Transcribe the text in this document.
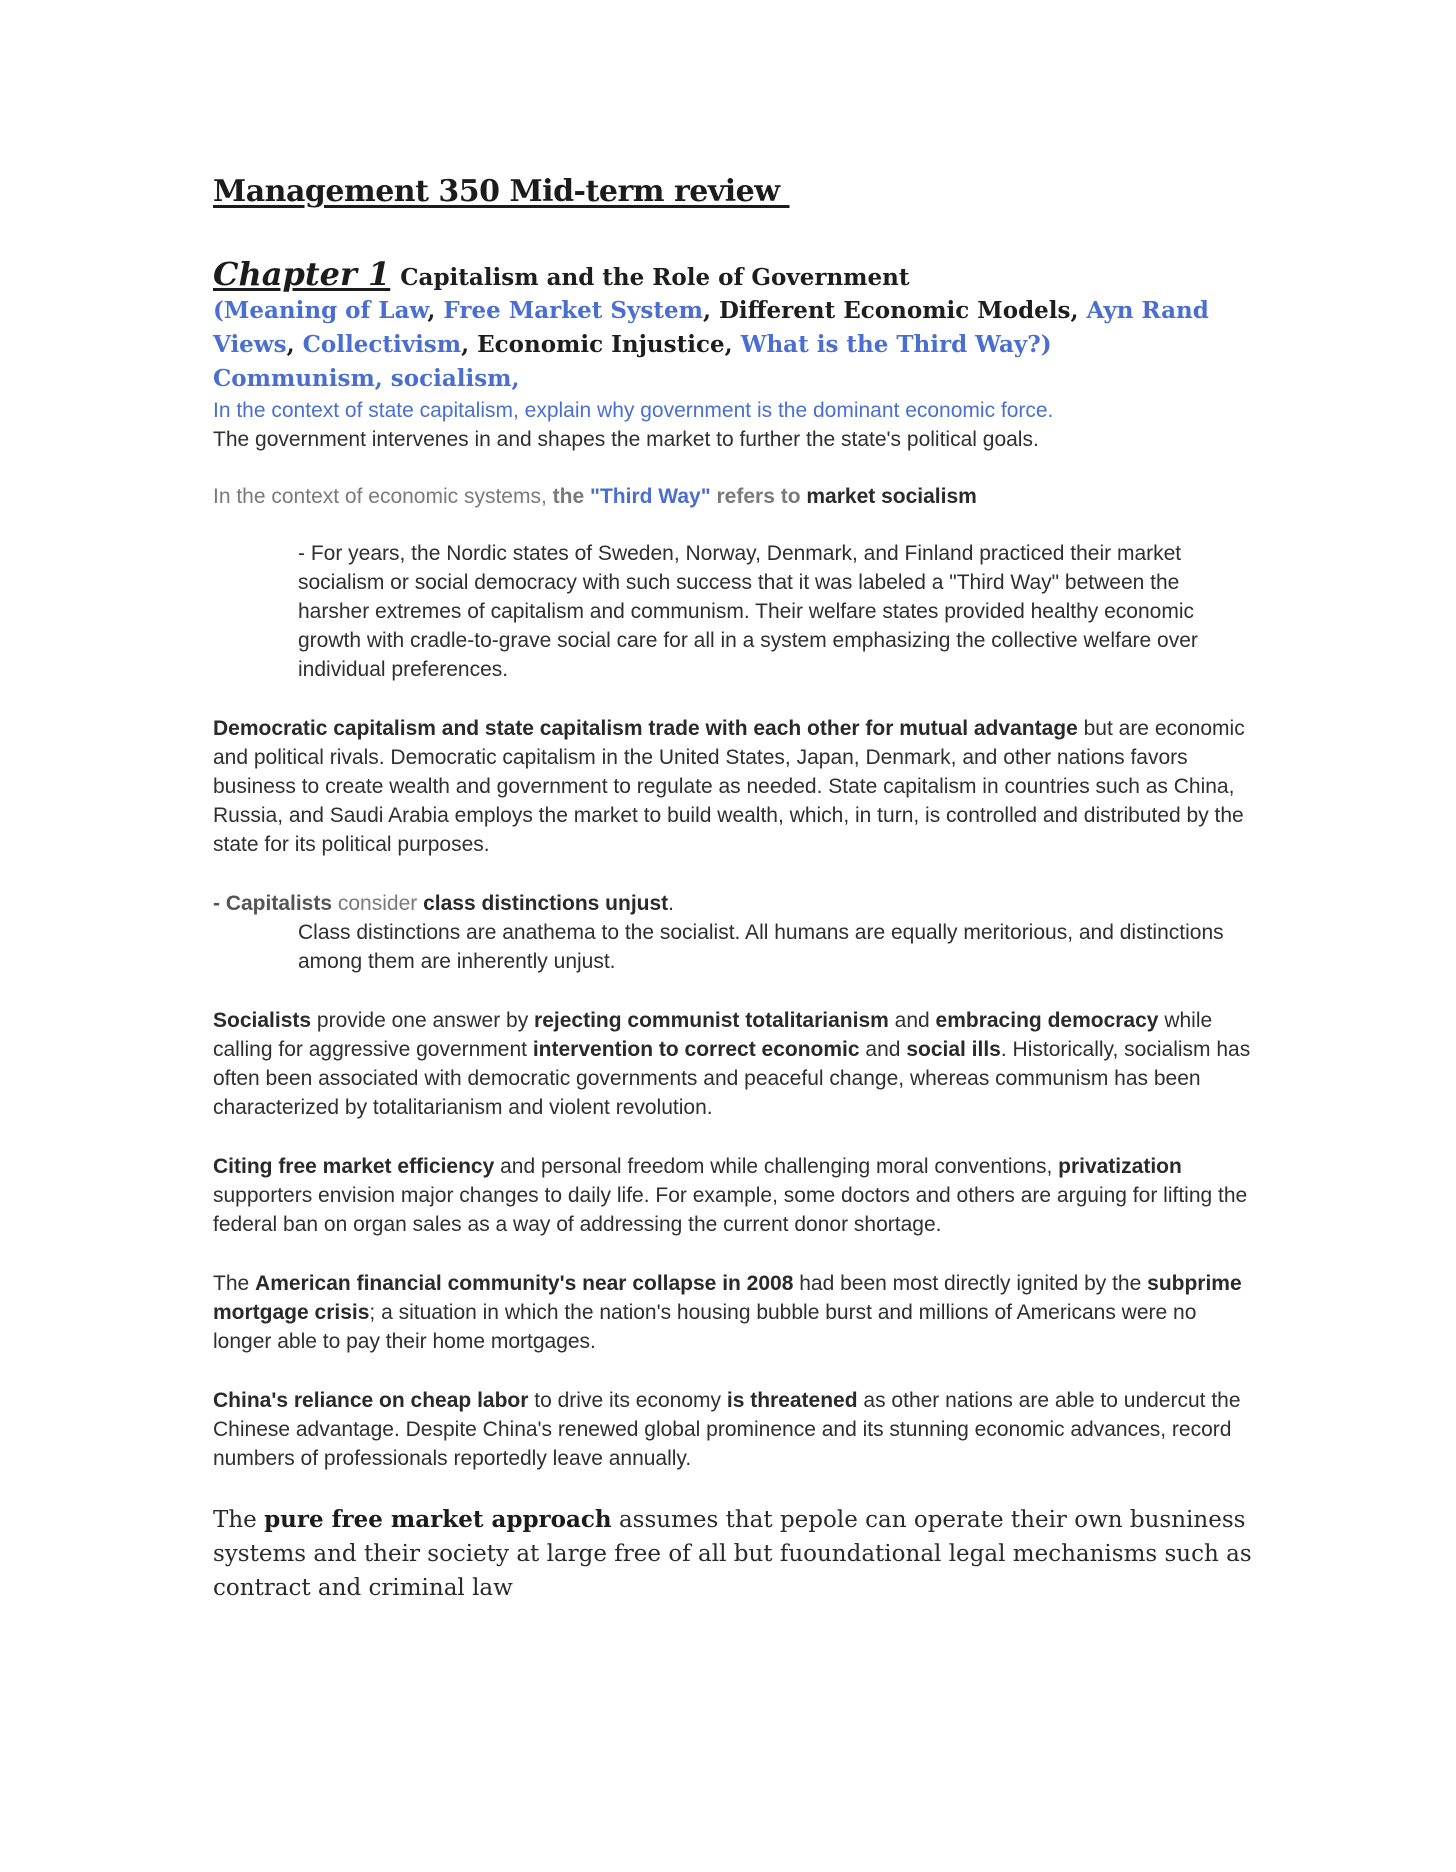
Management 350 Mid-term review
Chapter 1 Capitalism and the Role of Government

(Meaning of Law, Free Market System, Different Economic Models, Ayn Rand Views, Collectivism, Economic Injustice, What is the Third Way?)
Communism, socialism,

In the context of state capitalism, explain why government is the dominant economic force.

The government intervenes in and shapes the market to further the state's political goals.

In the context of economic systems, the "Third Way" refers to market socialism

- For years, the Nordic states of Sweden, Norway, Denmark, and Finland practiced their market socialism or social democracy with such success that it was labeled a "Third Way" between the harsher extremes of capitalism and communism. Their welfare states provided healthy economic growth with cradle-to-grave social care for all in a system emphasizing the collective welfare over individual preferences.

Democratic capitalism and state capitalism trade with each other for mutual advantage but are economic and political rivals. Democratic capitalism in the United States, Japan, Denmark, and other nations favors business to create wealth and government to regulate as needed. State capitalism in countries such as China, Russia, and Saudi Arabia employs the market to build wealth, which, in turn, is controlled and distributed by the state for its political purposes.

- Capitalists consider class distinctions unjust.

Class distinctions are anathema to the socialist. All humans are equally meritorious, and distinctions among them are inherently unjust.

Socialists provide one answer by rejecting communist totalitarianism and embracing democracy while calling for aggressive government intervention to correct economic and social ills. Historically, socialism has often been associated with democratic governments and peaceful change, whereas communism has been characterized by totalitarianism and violent revolution.

Citing free market efficiency and personal freedom while challenging moral conventions, privatization supporters envision major changes to daily life. For example, some doctors and others are arguing for lifting the federal ban on organ sales as a way of addressing the current donor shortage.

The American financial community's near collapse in 2008 had been most directly ignited by the subprime mortgage crisis; a situation in which the nation's housing bubble burst and millions of Americans were no longer able to pay their home mortgages.

China's reliance on cheap labor to drive its economy is threatened as other nations are able to undercut the Chinese advantage. Despite China's renewed global prominence and its stunning economic advances, record numbers of professionals reportedly leave annually.

The pure free market approach assumes that pepole can operate their own busniness systems and their society at large free of all but fuoundational legal mechanisms such as contract and criminal law
